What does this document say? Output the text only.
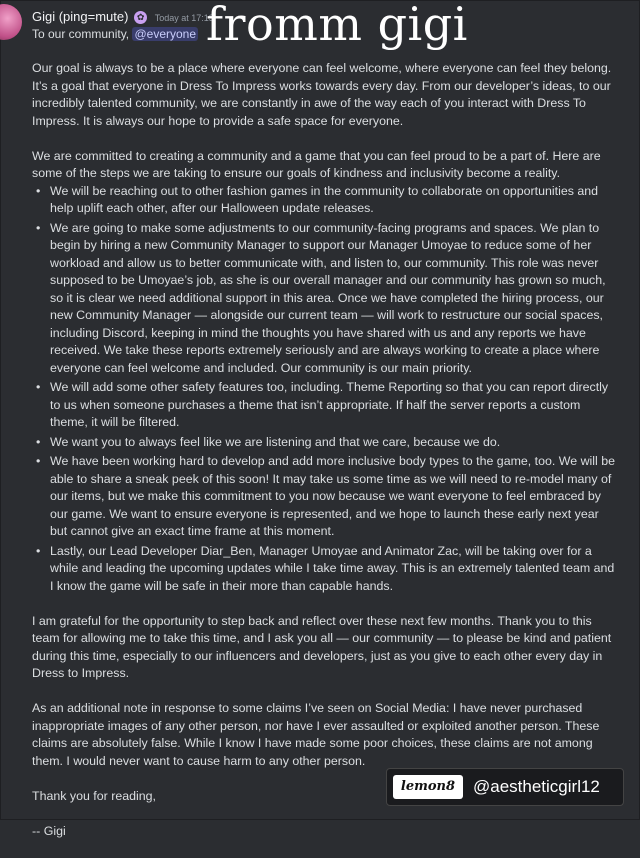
Gigi (ping=mute) ✿ Today at 17:13
To our community, @everyone fromm gigi

Our goal is always to be a place where everyone can feel welcome, where everyone can feel they belong. It’s a goal that everyone in Dress To Impress works towards every day. From our developer’s ideas, to our incredibly talented community, we are constantly in awe of the way each of you interact with Dress To Impress. It is always our hope to provide a safe space for everyone.

We are committed to creating a community and a game that you can feel proud to be a part of. Here are some of the steps we are taking to ensure our goals of kindness and inclusivity become a reality.

• We will be reaching out to other fashion games in the community to collaborate on opportunities and help uplift each other, after our Halloween update releases.
• We are going to make some adjustments to our community-facing programs and spaces. We plan to begin by hiring a new Community Manager to support our Manager Umoyae to reduce some of her workload and allow us to better communicate with, and listen to, our community. This role was never supposed to be Umoyae’s job, as she is our overall manager and our community has grown so much, so it is clear we need additional support in this area. Once we have completed the hiring process, our new Community Manager — alongside our current team — will work to restructure our social spaces, including Discord, keeping in mind the thoughts you have shared with us and any reports we have received. We take these reports extremely seriously and are always working to create a place where everyone can feel welcome and included. Our community is our main priority.
• We will add some other safety features too, including. Theme Reporting so that you can report directly to us when someone purchases a theme that isn’t appropriate. If half the server reports a custom theme, it will be filtered.
• We want you to always feel like we are listening and that we care, because we do.
• We have been working hard to develop and add more inclusive body types to the game, too. We will be able to share a sneak peek of this soon! It may take us some time as we will need to re-model many of our items, but we make this commitment to you now because we want everyone to feel embraced by our game. We want to ensure everyone is represented, and we hope to launch these early next year but cannot give an exact time frame at this moment.
• Lastly, our Lead Developer Diar_Ben, Manager Umoyae and Animator Zac, will be taking over for a while and leading the upcoming updates while I take time away. This is an extremely talented team and I know the game will be safe in their more than capable hands.

I am grateful for the opportunity to step back and reflect over these next few months. Thank you to this team for allowing me to take this time, and I ask you all — our community — to please be kind and patient during this time, especially to our influencers and developers, just as you give to each other every day in Dress to Impress.

As an additional note in response to some claims I’ve seen on Social Media: I have never purchased inappropriate images of any other person, nor have I ever assaulted or exploited another person. These claims are absolutely false. While I know I have made some poor choices, these claims are not among them. I would never want to cause harm to any other person.

Thank you for reading,

-- Gigi

lemon8	@aestheticgirl12
